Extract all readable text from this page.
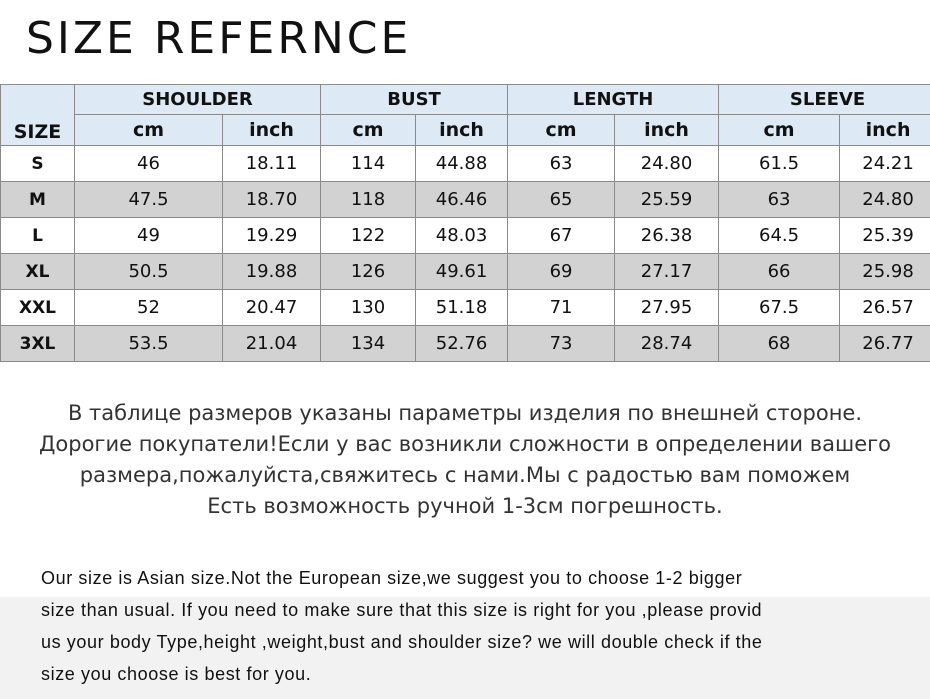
SIZE REFERNCE
SIZE	SHOULDER		BUST		LENGTH		SLEEVE	
	cm	inch	cm	inch	cm	inch	cm	inch
S	46	18.11	114	44.88	63	24.80	61.5	24.21
M	47.5	18.70	118	46.46	65	25.59	63	24.80
L	49	19.29	122	48.03	67	26.38	64.5	25.39
XL	50.5	19.88	126	49.61	69	27.17	66	25.98
XXL	52	20.47	130	51.18	71	27.95	67.5	26.57
3XL	53.5	21.04	134	52.76	73	28.74	68	26.77

В таблице размеров указаны параметры изделия по внешней стороне.

Дорогие покупатели!Если у вас возникли сложности в определении вашего

размера,пожалуйста,свяжитесь с нами.Мы с радостью вам поможем

Есть возможность ручной 1-3см погрешность.

Our size is Asian size.Not the European size,we suggest you to choose 1-2 bigger

size than usual. If you need to make sure that this size is right for you ,please provid

us your body Type,height ,weight,bust and shoulder size? we will double check if the

size you choose is best for you.
